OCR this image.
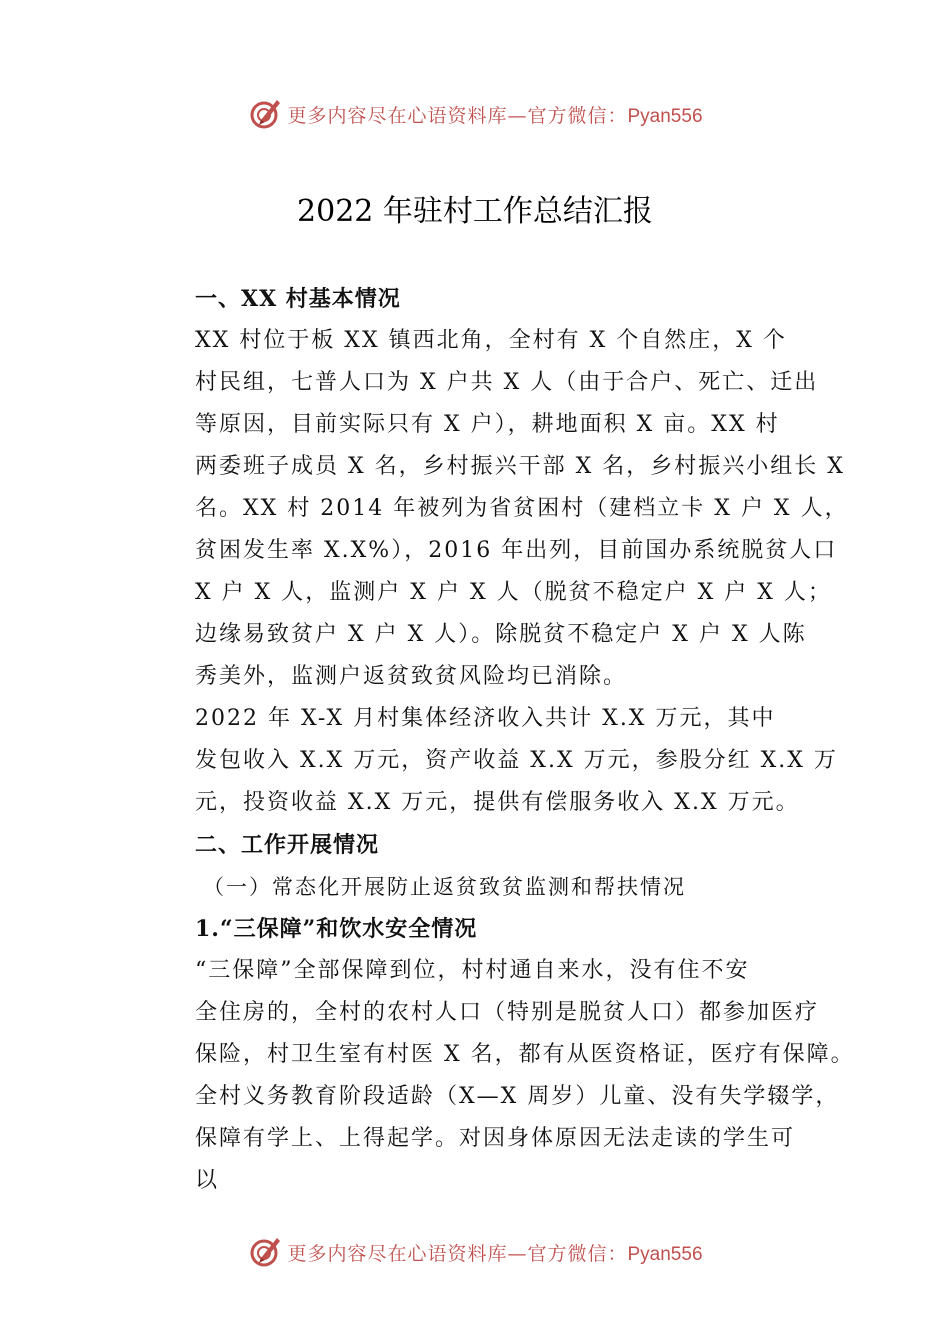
更多内容尽在心语资料库—官方微信：Pyan556
2022 年驻村工作总结汇报

一、XX 村基本情况

XX 村位于板 XX 镇西北角，全村有 X 个自然庄，X 个
村民组，七普人口为 X 户共 X 人（由于合户、死亡、迁出
等原因，目前实际只有 X 户），耕地面积 X 亩。XX 村
两委班子成员 X 名，乡村振兴干部 X 名，乡村振兴小组长 X
名。XX 村 2014 年被列为省贫困村（建档立卡 X 户 X 人，
贫困发生率 X.X%），2016 年出列，目前国办系统脱贫人口
X 户 X 人，监测户 X 户 X 人（脱贫不稳定户 X 户 X 人；
边缘易致贫户 X 户 X 人）。除脱贫不稳定户 X 户 X 人陈
秀美外，监测户返贫致贫风险均已消除。

2022 年 X-X 月村集体经济收入共计 X.X 万元，其中
发包收入 X.X 万元，资产收益 X.X 万元，参股分红 X.X 万
元，投资收益 X.X 万元，提供有偿服务收入 X.X 万元。

二、工作开展情况

（一）常态化开展防止返贫致贫监测和帮扶情况

1.“三保障”和饮水安全情况

“三保障”全部保障到位，村村通自来水，没有住不安
全住房的，全村的农村人口（特别是脱贫人口）都参加医疗
保险，村卫生室有村医 X 名，都有从医资格证，医疗有保障。
全村义务教育阶段适龄（X—X 周岁）儿童、没有失学辍学，
保障有学上、上得起学。对因身体原因无法走读的学生可
以

更多内容尽在心语资料库—官方微信：Pyan556
